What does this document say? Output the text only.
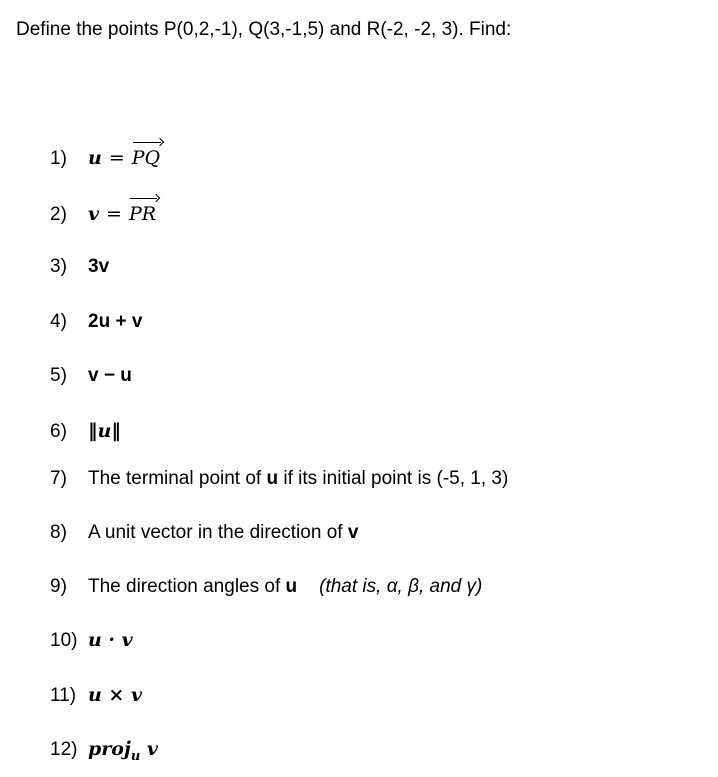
Define the points P(0,2,-1), Q(3,-1,5) and R(-2, -2, 3). Find:
1)	u = PQ
2)	v = PR
3)	3v
4)	2u + v
5)	v − u
6)	‖u‖
7)	The terminal point of
u
if its initial point is (-5, 1, 3)
8)	A unit vector in the direction of
v
9)	The direction angles of
u (that is, α, β, and γ)
10) u · v
11) u × v
12) proj$_u$ v
